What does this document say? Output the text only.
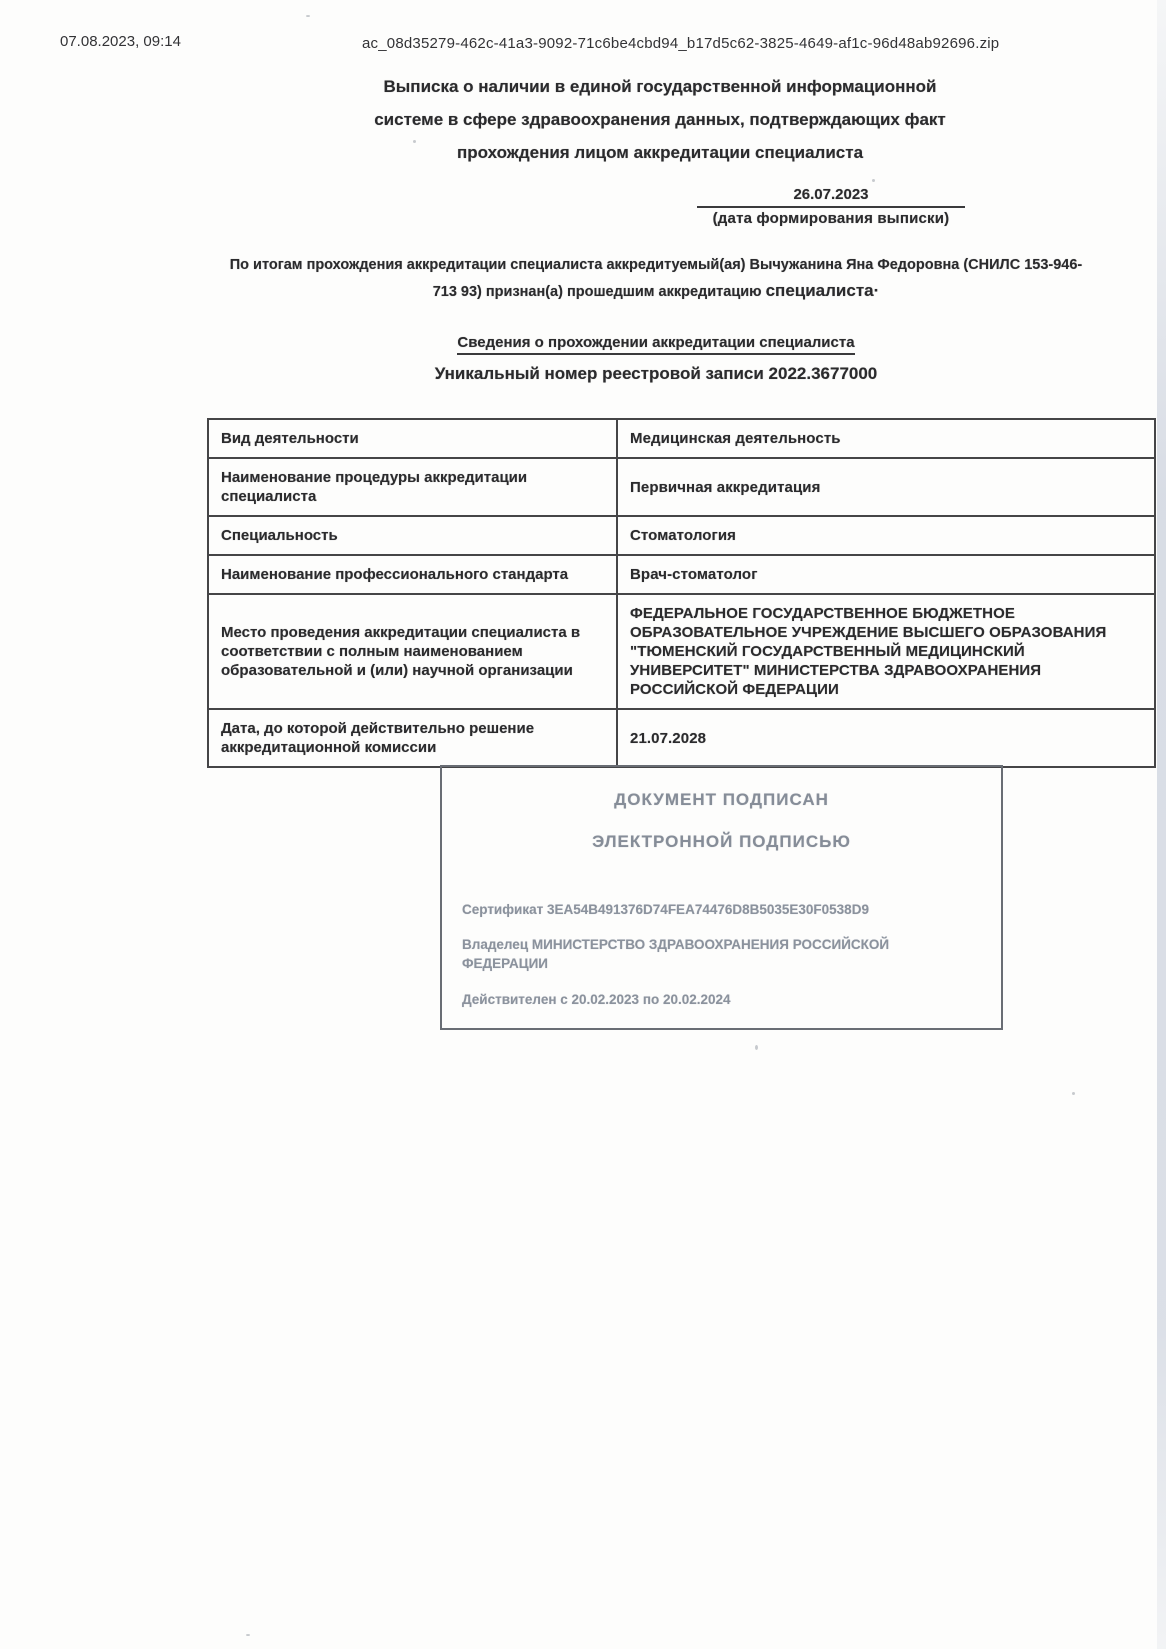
07.08.2023, 09:14	ac_08d35279-462c-41a3-9092-71c6be4cbd94_b17d5c62-3825-4649-af1c-96d48ab92696.zip
Выписка о наличии в единой государственной информационной
системе в сфере здравоохранения данных, подтверждающих факт
прохождения лицом аккредитации специалиста
26.07.2023
(дата формирования выписки)
По итогам прохождения аккредитации специалиста аккредитуемый(ая) Вычужанина Яна Федоровна (СНИЛС 153-946-
713 93) признан(а) прошедшим аккредитацию специалиста·
Сведения о прохождении аккредитации специалиста
Уникальный номер реестровой записи 2022.3677000
Вид деятельности	Медицинская деятельность
Наименование процедуры аккредитации специалиста	Первичная аккредитация
Специальность	Стоматология
Наименование профессионального стандарта	Врач-стоматолог
Место проведения аккредитации специалиста в соответствии с полным наименованием образовательной и (или) научной организации	ФЕДЕРАЛЬНОЕ ГОСУДАРСТВЕННОЕ БЮДЖЕТНОЕ ОБРАЗОВАТЕЛЬНОЕ УЧРЕЖДЕНИЕ ВЫСШЕГО ОБРАЗОВАНИЯ "ТЮМЕНСКИЙ ГОСУДАРСТВЕННЫЙ МЕДИЦИНСКИЙ УНИВЕРСИТЕТ" МИНИСТЕРСТВА ЗДРАВООХРАНЕНИЯ РОССИЙСКОЙ ФЕДЕРАЦИИ
Дата, до которой действительно решение аккредитационной комиссии	21.07.2028
ДОКУМЕНТ ПОДПИСАН
ЭЛЕКТРОННОЙ ПОДПИСЬЮ
Сертификат 3EA54B491376D74FEA74476D8B5035E30F0538D9
Владелец МИНИСТЕРСТВО ЗДРАВООХРАНЕНИЯ РОССИЙСКОЙ ФЕДЕРАЦИИ
Действителен с 20.02.2023 по 20.02.2024
